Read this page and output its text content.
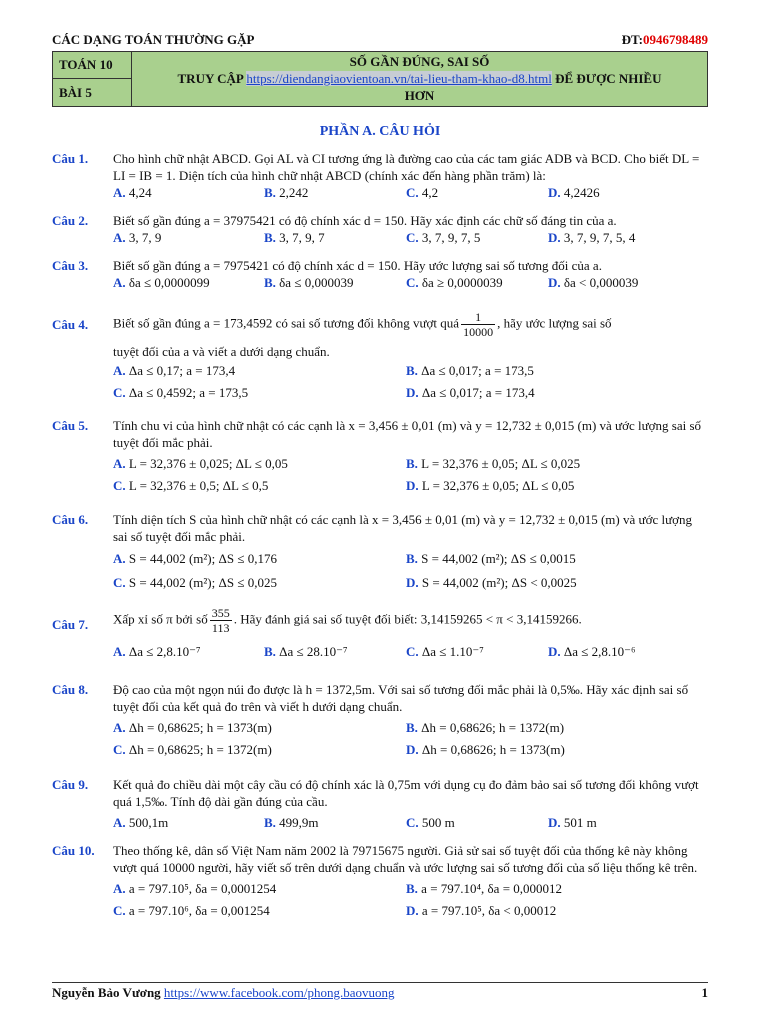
CÁC DẠNG TOÁN THƯỜNG GẶP	ĐT:0946798489
TOÁN 10
BÀI 5
SỐ GẦN ĐÚNG, SAI SỐ
TRUY CẬP https://diendangiaovientoan.vn/tai-lieu-tham-khao-d8.html ĐỂ ĐƯỢC NHIỀU
HƠN
PHẦN A. CÂU HỎI
Câu 1. Cho hình chữ nhật ABCD. Gọi AL và CI tương ứng là đường cao của các tam giác ADB và BCD. Cho biết DL = LI = IB = 1. Diện tích của hình chữ nhật ABCD (chính xác đến hàng phần trăm) là:
A. 4,24	B. 2,242	C. 4,2	D. 4,2426
Câu 2. Biết số gần đúng a = 37975421 có độ chính xác d = 150. Hãy xác định các chữ số đáng tin của a.
A. 3, 7, 9	B. 3, 7, 9, 7	C. 3, 7, 9, 7, 5	D. 3, 7, 9, 7, 5, 4
Câu 3. Biết số gần đúng a = 7975421 có độ chính xác d = 150. Hãy ước lượng sai số tương đối của a.
A. δa ≤ 0,0000099	B. δa ≤ 0,000039	C. δa ≥ 0,0000039	D. δa < 0,000039
Câu 4. Biết số gần đúng a = 173,4592 có sai số tương đối không vượt quá $\frac{1}{10000}$ , hãy ước lượng sai số
tuyệt đối của a và viết a dưới dạng chuẩn.
A. Δa ≤ 0,17; a = 173,4	B. Δa ≤ 0,017; a = 173,5
C. Δa ≤ 0,4592; a = 173,5	D. Δa ≤ 0,017; a = 173,4
Câu 5. Tính chu vi của hình chữ nhật có các cạnh là x = 3,456 ± 0,01 (m) và y = 12,732 ± 0,015 (m) và ước lượng sai số tuyệt đối mắc phải.
A. L = 32,376 ± 0,025; ΔL ≤ 0,05	B. L = 32,376 ± 0,05; ΔL ≤ 0,025
C. L = 32,376 ± 0,5; ΔL ≤ 0,5	D. L = 32,376 ± 0,05; ΔL ≤ 0,05
Câu 6. Tính diện tích S của hình chữ nhật có các cạnh là x = 3,456 ± 0,01 (m) và y = 12,732 ± 0,015 (m) và ước lượng sai số tuyệt đối mắc phải.
A. S = 44,002 (m²); ΔS ≤ 0,176	B. S = 44,002 (m²); ΔS ≤ 0,0015
C. S = 44,002 (m²); ΔS ≤ 0,025	D. S = 44,002 (m²); ΔS < 0,0025
Câu 7. Xấp xỉ số π bởi số $\frac{355}{113}$ . Hãy đánh giá sai số tuyệt đối biết: 3,14159265 < π < 3,14159266.
A. Δa ≤ 2,8.10⁻⁷	B. Δa ≤ 28.10⁻⁷	C. Δa ≤ 1.10⁻⁷	D. Δa ≤ 2,8.10⁻⁶
Câu 8. Độ cao của một ngọn núi đo được là h = 1372,5m. Với sai số tương đối mắc phải là 0,5‰. Hãy xác định sai số tuyệt đối của kết quả đo trên và viết h dưới dạng chuẩn.
A. Δh = 0,68625; h = 1373(m)	B. Δh = 0,68626; h = 1372(m)
C. Δh = 0,68625; h = 1372(m)	D. Δh = 0,68626; h = 1373(m)
Câu 9. Kết quả đo chiều dài một cây cầu có độ chính xác là 0,75m với dụng cụ đo đảm bảo sai số tương đối không vượt quá 1,5‰. Tính độ dài gần đúng của cầu.
A. 500,1m	B. 499,9m	C. 500 m	D. 501 m
Câu 10. Theo thống kê, dân số Việt Nam năm 2002 là 79715675 người. Giả sử sai số tuyệt đối của thống kê này không vượt quá 10000 người, hãy viết số trên dưới dạng chuẩn và ước lượng sai số tương đối của số liệu thống kê trên.
A. a = 797.10⁵, δa = 0,0001254	B. a = 797.10⁴, δa = 0,000012
C. a = 797.10⁶, δa = 0,001254	D. a = 797.10⁵, δa < 0,00012
Nguyễn Bảo Vương https://www.facebook.com/phong.baovuong	1
